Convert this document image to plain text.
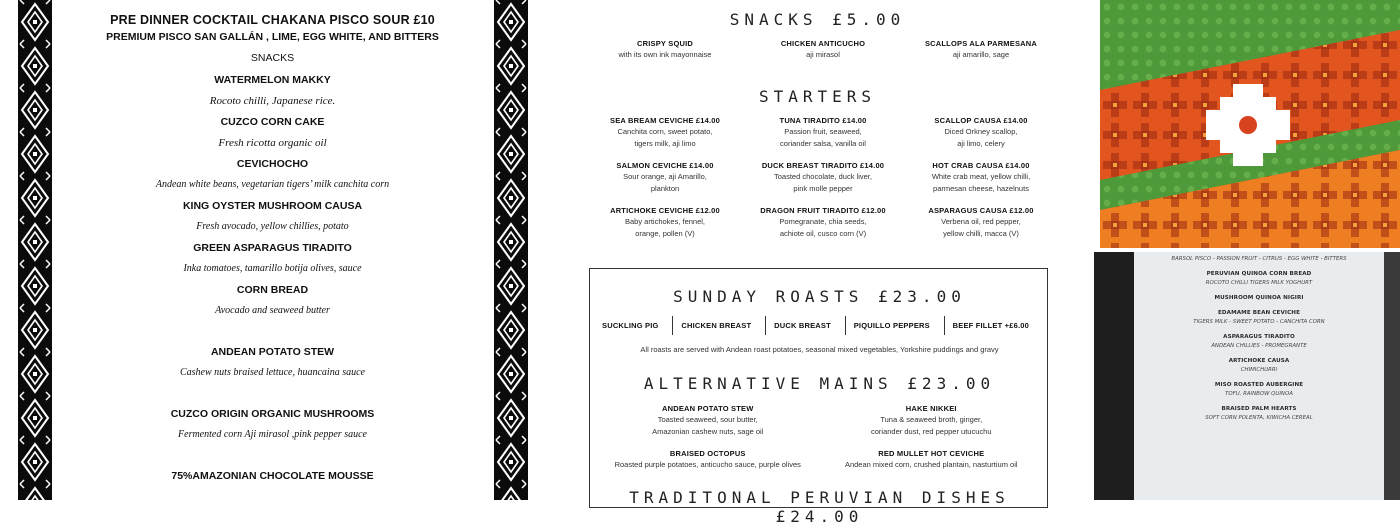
PRE DINNER COCKTAIL CHAKANA PISCO SOUR £10
PREMIUM PISCO SAN GALLÁN , LIME, EGG WHITE, AND BITTERS
SNACKS
WATERMELON MAKKY
Rocoto chilli, Japanese rice.
CUZCO CORN CAKE
Fresh ricotta organic oil
CEVICHOCHO
Andean white beans, vegetarian tigers’ milk canchita corn
KING OYSTER MUSHROOM CAUSA
Fresh avocado, yellow chillies, potato
GREEN ASPARAGUS TIRADITO
Inka tomatoes, tamarillo botija olives, sauce
CORN BREAD
Avocado and seaweed butter
ANDEAN POTATO STEW
Cashew nuts braised lettuce, huancaina sauce
CUZCO ORIGIN ORGANIC MUSHROOMS
Fermented corn Aji mirasol ,pink pepper sauce
75%AMAZONIAN CHOCOLATE MOUSSE
SNACKS £5.00
CRISPY SQUID
with its own ink mayonnaise
CHICKEN ANTICUCHO
aji mirasol
SCALLOPS ALA PARMESANA
aji amarillo, sage
STARTERS
SEA BREAM CEVICHE £14.00
Canchita corn, sweet potato,
tigers milk, aji limo
TUNA TIRADITO £14.00
Passion fruit, seaweed,
coriander salsa, vanilla oil
SCALLOP CAUSA £14.00
Diced Orkney scallop,
aji limo, celery
SALMON CEVICHE £14.00
Sour orange, aji Amarillo,
plankton
DUCK BREAST TIRADITO £14.00
Toasted chocolate, duck liver,
pink molle pepper
HOT CRAB CAUSA £14.00
White crab meat, yellow chilli,
parmesan cheese, hazelnuts
ARTICHOKE CEVICHE £12.00
Baby artichokes, fennel,
orange, pollen (V)
DRAGON FRUIT TIRADITO £12.00
Pomegranate, chia seeds,
achiote oil, cusco corn (V)
ASPARAGUS CAUSA £12.00
Verbena oil, red pepper,
yellow chilli, macca (V)
SUNDAY ROASTS £23.00
SUCKLING PIG	CHICKEN BREAST	DUCK BREAST	PIQUILLO PEPPERS	BEEF FILLET +£6.00
All roasts are served with Andean roast potatoes, seasonal mixed vegetables, Yorkshire puddings and gravy
ALTERNATIVE MAINS £23.00
ANDEAN POTATO STEW
Toasted seaweed, sour butter,
Amazonian cashew nuts, sage oil
HAKE NIKKEI
Tuna & seaweed broth, ginger,
coriander dust, red pepper utucuchu
BRAISED OCTOPUS
Roasted purple potatoes, anticucho sauce, purple olives
RED MULLET HOT CEVICHE
Andean mixed corn, crushed plantain, nasturtium oil
TRADITONAL PERUVIAN DISHES £24.00
BARSOL PISCO - PASSION FRUIT - CITRUS - EGG WHITE - BITTERS
PERUVIAN QUINOA CORN BREAD
ROCOTO CHILLI TIGERS MILK YOGHURT
MUSHROOM QUINOA NIGIRI
EDAMAME BEAN CEVICHE
TIGERS MILK - SWEET POTATO - CANCHITA CORN
ASPARAGUS TIRADITO
ANDEAN CHILLIES - PROMEGRANTE
ARTICHOKE CAUSA
CHIMICHURRI
MISO ROASTED AUBERGINE
TOFU, RAINBOW QUINOA
BRAISED PALM HEARTS
SOFT CORN POLENTA, KIWICHA CEREAL
